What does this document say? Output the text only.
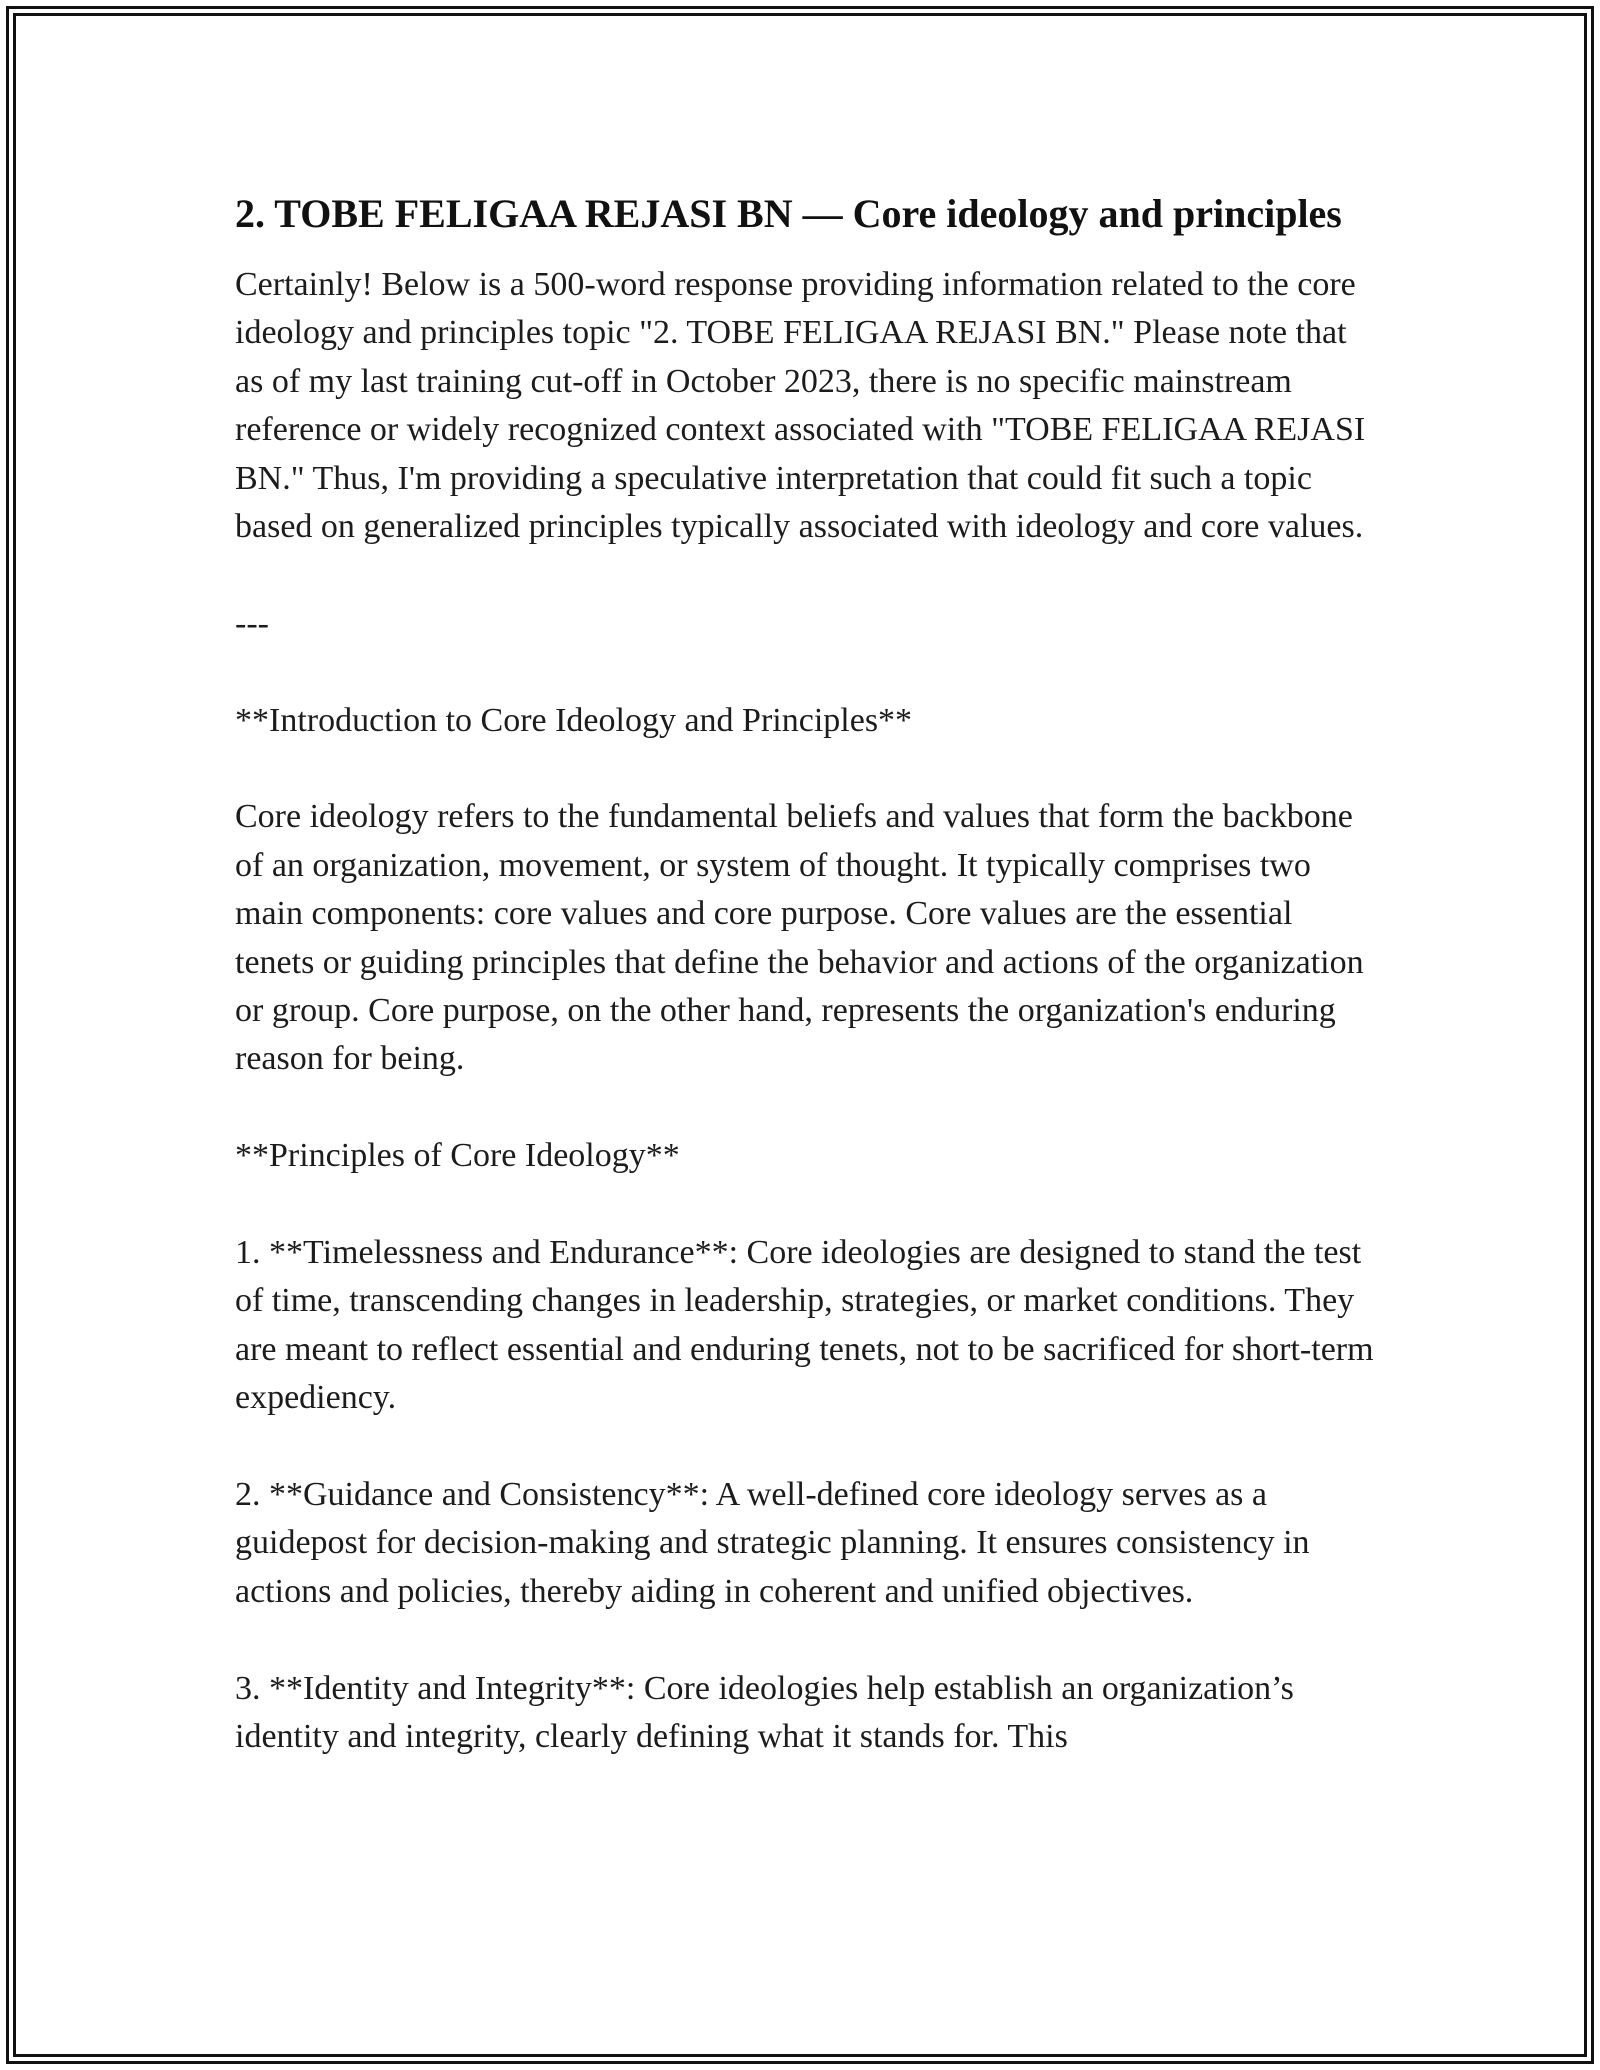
2. TOBE FELIGAA REJASI BN — Core ideology and principles

Certainly! Below is a 500-word response providing information related to the core ideology and principles topic "2. TOBE FELIGAA REJASI BN." Please note that as of my last training cut-off in October 2023, there is no specific mainstream reference or widely recognized context associated with "TOBE FELIGAA REJASI BN." Thus, I'm providing a speculative interpretation that could fit such a topic based on generalized principles typically associated with ideology and core values.

---

**Introduction to Core Ideology and Principles**

Core ideology refers to the fundamental beliefs and values that form the backbone of an organization, movement, or system of thought. It typically comprises two main components: core values and core purpose. Core values are the essential tenets or guiding principles that define the behavior and actions of the organization or group. Core purpose, on the other hand, represents the organization's enduring reason for being.

**Principles of Core Ideology**

1. **Timelessness and Endurance**: Core ideologies are designed to stand the test of time, transcending changes in leadership, strategies, or market conditions. They are meant to reflect essential and enduring tenets, not to be sacrificed for short-term expediency.

2. **Guidance and Consistency**: A well-defined core ideology serves as a guidepost for decision-making and strategic planning. It ensures consistency in actions and policies, thereby aiding in coherent and unified objectives.

3. **Identity and Integrity**: Core ideologies help establish an organization’s identity and integrity, clearly defining what it stands for. This
